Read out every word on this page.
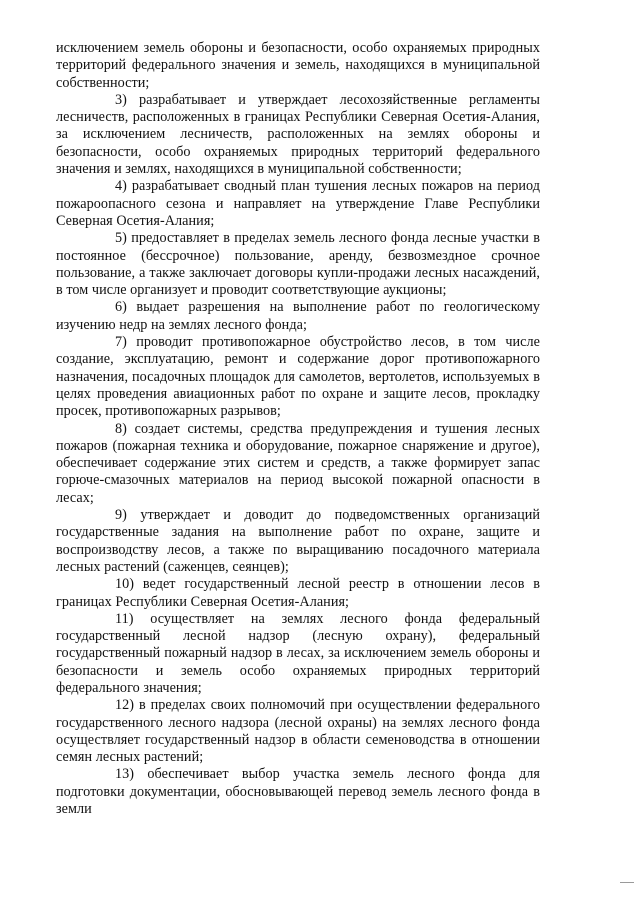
исключением земель обороны и безопасности, особо охраняемых природных территорий федерального значения и земель, находящихся в муниципальной собственности;

3) разрабатывает и утверждает лесохозяйственные регламенты лесничеств, расположенных в границах Республики Северная Осетия-Алания, за исключением лесничеств, расположенных на землях обороны и безопасности, особо охраняемых природных территорий федерального значения и землях, находящихся в муниципальной собственности;

4) разрабатывает сводный план тушения лесных пожаров на период пожароопасного сезона и направляет на утверждение Главе Республики Северная Осетия-Алания;

5) предоставляет в пределах земель лесного фонда лесные участки в постоянное (бессрочное) пользование, аренду, безвозмездное срочное пользование, а также заключает договоры купли-продажи лесных насаждений, в том числе организует и проводит соответствующие аукционы;

6) выдает разрешения на выполнение работ по геологическому изучению недр на землях лесного фонда;

7) проводит противопожарное обустройство лесов, в том числе создание, эксплуатацию, ремонт и содержание дорог противопожарного назначения, посадочных площадок для самолетов, вертолетов, используемых в целях проведения авиационных работ по охране и защите лесов, прокладку просек, противопожарных разрывов;

8) создает системы, средства предупреждения и тушения лесных пожаров (пожарная техника и оборудование, пожарное снаряжение и другое), обеспечивает содержание этих систем и средств, а также формирует запас горюче-смазочных материалов на период высокой пожарной опасности в лесах;

9) утверждает и доводит до подведомственных организаций государственные задания на выполнение работ по охране, защите и воспроизводству лесов, а также по выращиванию посадочного материала лесных растений (саженцев, сеянцев);

10) ведет государственный лесной реестр в отношении лесов в границах Республики Северная Осетия-Алания;

11) осуществляет на землях лесного фонда федеральный государственный лесной надзор (лесную охрану), федеральный государственный пожарный надзор в лесах, за исключением земель обороны и безопасности и земель особо охраняемых природных территорий федерального значения;

12) в пределах своих полномочий при осуществлении федерального государственного лесного надзора (лесной охраны) на землях лесного фонда осуществляет государственный надзор в области семеноводства в отношении семян лесных растений;

13) обеспечивает выбор участка земель лесного фонда для подготовки документации, обосновывающей перевод земель лесного фонда в земли
